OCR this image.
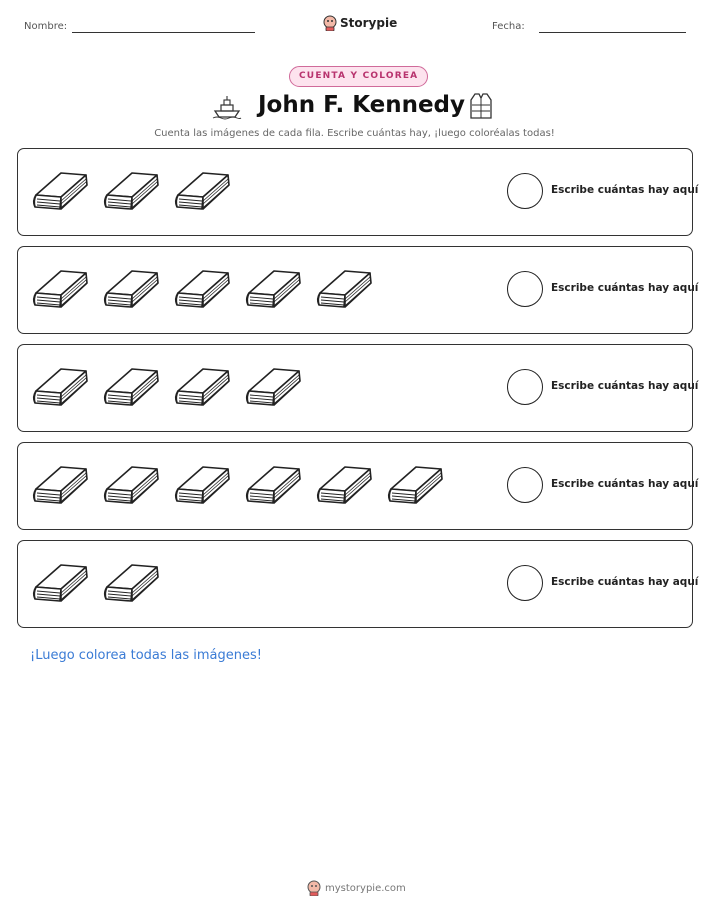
Nombre:	Storypie	Fecha:
CUENTA Y COLOREA
John F. Kennedy
Cuenta las imágenes de cada fila. Escribe cuántas hay, ¡luego coloréalas todas!
Escribe cuántas hay aquí
Escribe cuántas hay aquí
Escribe cuántas hay aquí
Escribe cuántas hay aquí
Escribe cuántas hay aquí
¡Luego colorea todas las imágenes!
mystorypie.com
